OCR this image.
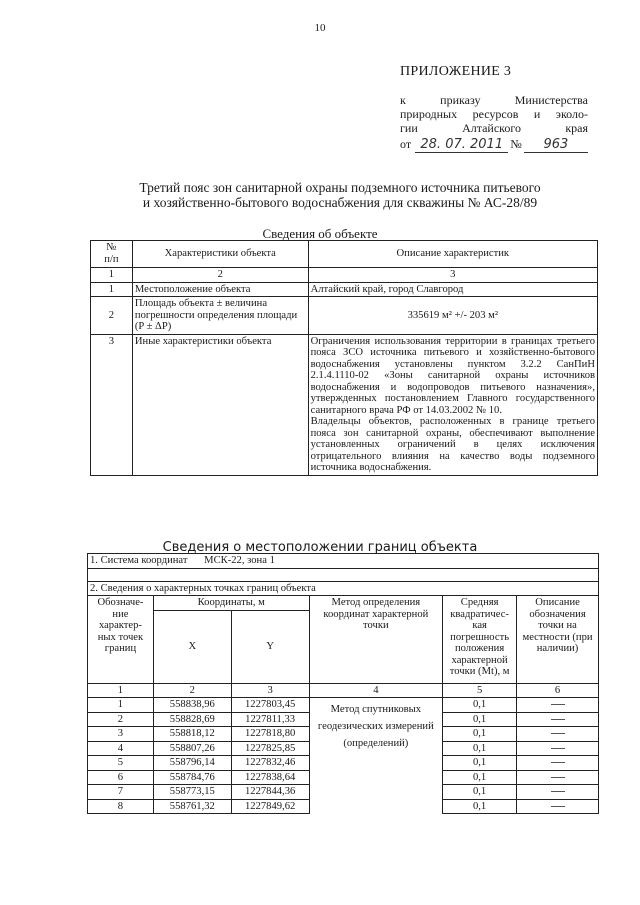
10
ПРИЛОЖЕНИЕ 3
к	приказу	Министерства
природных ресурсов и эколо-
гии Алтайского края
от 28. 07. 2011 №	963
Третий пояс зон санитарной охраны подземного источника питьевого
и хозяйственно-бытового водоснабжения для скважины № АС-28/89
Сведения об объекте
№
п/п	Характеристики объекта	Описание характеристик
1	2	3
1	Местоположение объекта	Алтайский край, город Славгород
2	Площадь объекта ± величина погрешности определения площади (P ± ΔP)	335619 м² +/- 203 м²
3	Иные характеристики объекта	Ограничения использования территории в границах третьего пояса ЗСО источника питьевого и хозяйственно-бытового водоснабжения установлены пунктом 3.2.2 СанПиН 2.1.4.1110-02 «Зоны санитарной охраны источников водоснабжения и водопроводов питьевого назначения», утвержденных постановлением Главного государственного санитарного врача РФ от 14.03.2002 № 10.
Владельцы объектов, расположенных в границе третьего пояса зон санитарной охраны, обеспечивают выполнение установленных ограничений в целях исключения отрицательного влияния на качество воды подземного источника водоснабжения.
Сведения о местоположении границ объекта
1. Система координат МСК-22, зона 1					

2. Сведения о характерных точках границ объекта					
Обозначе-ние характер-ных точек границ	Координаты, м		Метод определения координат характерной точки	Средняя квадратичес-кая погрешность положения характерной точки (Mt), м	Описание обозначения точки на местности (при наличии)
	X	Y			
1	2	3	4	5	6
1	558838,96	1227803,45	Метод спутниковых геодезических измерений (определений)	0,1	
2	558828,69	1227811,33		0,1	
3	558818,12	1227818,80		0,1	
4	558807,26	1227825,85		0,1	
5	558796,14	1227832,46		0,1	
6	558784,76	1227838,64		0,1	
7	558773,15	1227844,36		0,1	
8	558761,32	1227849,62		0,1	
